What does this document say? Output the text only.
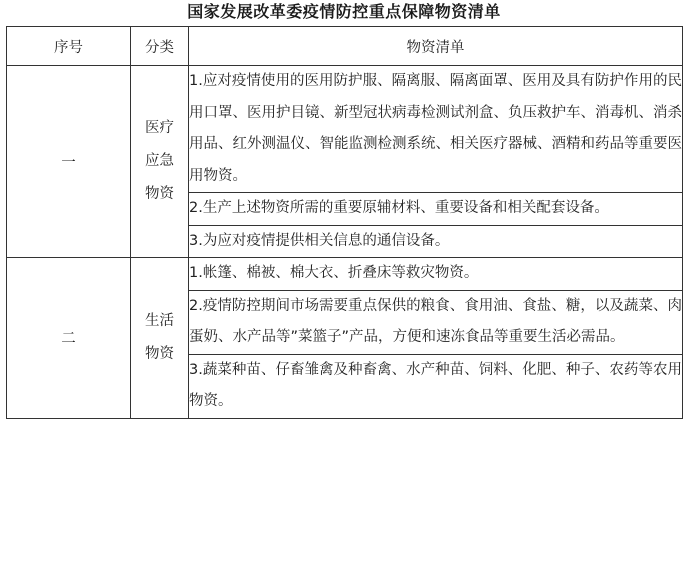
国家发展改革委疫情防控重点保障物资清单
序号	分类	物资清单
一	医疗应急物资	1.应对疫情使用的医用防护服、隔离服、隔离面罩、医用及具有防护作用的民用口罩、医用护目镜、新型冠状病毒检测试剂盒、负压救护车、消毒机、消杀用品、红外测温仪、智能监测检测系统、相关医疗器械、酒精和药品等重要医用物资。
		2.生产上述物资所需的重要原辅材料、重要设备和相关配套设备。
		3.为应对疫情提供相关信息的通信设备。
二	生活物资	1.帐篷、棉被、棉大衣、折叠床等救灾物资。
		2.疫情防控期间市场需要重点保供的粮食、食用油、食盐、糖，以及蔬菜、肉蛋奶、水产品等”菜篮子”产品，方便和速冻食品等重要生活必需品。
		3.蔬菜种苗、仔畜雏禽及种畜禽、水产种苗、饲料、化肥、种子、农药等农用物资。
